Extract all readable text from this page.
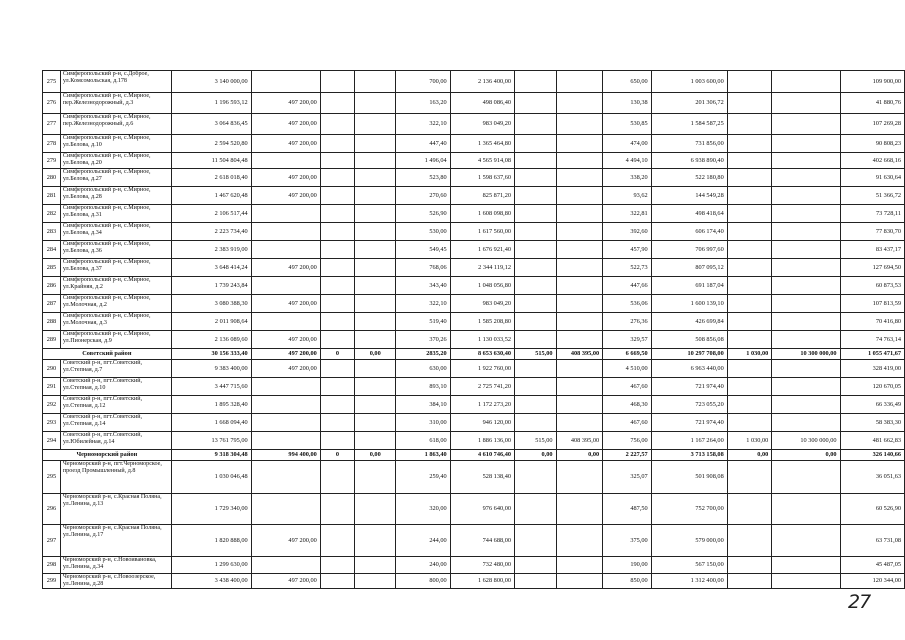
275	Симферопольский р-н, с.Доброе, ул.Комсомольская, д.178	3 140 000,00				700,00	2 136 400,00			650,00	1 003 600,00			109 900,00
276	Симферопольский р-н, с.Мирное, пер.Железнодорожный, д.3	1 196 593,12	497 200,00			163,20	498 086,40			130,38	201 306,72			41 880,76
277	Симферопольский р-н, с.Мирное, пер.Железнодорожный, д.6	3 064 836,45	497 200,00			322,10	983 049,20			530,85	1 584 587,25			107 269,28
278	Симферопольский р-н, с.Мирное, ул.Белова, д.10	2 594 520,80	497 200,00			447,40	1 365 464,80			474,00	731 856,00			90 808,23
279	Симферопольский р-н, с.Мирное, ул.Белова, д.20	11 504 804,48				1 496,04	4 565 914,08			4 494,10	6 938 890,40			402 668,16
280	Симферопольский р-н, с.Мирное, ул.Белова, д.27	2 618 018,40	497 200,00			523,80	1 598 637,60			338,20	522 180,80			91 630,64
281	Симферопольский р-н, с.Мирное, ул.Белова, д.28	1 467 620,48	497 200,00			270,60	825 871,20			93,62	144 549,28			51 366,72
282	Симферопольский р-н, с.Мирное, ул.Белова, д.31	2 106 517,44				526,90	1 608 098,80			322,81	498 418,64			73 728,11
283	Симферопольский р-н, с.Мирное, ул.Белова, д.34	2 223 734,40				530,00	1 617 560,00			392,60	606 174,40			77 830,70
284	Симферопольский р-н, с.Мирное, ул.Белова, д.36	2 383 919,00				549,45	1 676 921,40			457,90	706 997,60			83 437,17
285	Симферопольский р-н, с.Мирное, ул.Белова, д.37	3 648 414,24	497 200,00			768,06	2 344 119,12			522,73	807 095,12			127 694,50
286	Симферопольский р-н, с.Мирное, ул.Крайняя, д.2	1 739 243,84				343,40	1 048 056,80			447,66	691 187,04			60 873,53
287	Симферопольский р-н, с.Мирное, ул.Молочная, д.2	3 080 388,30	497 200,00			322,10	983 049,20			536,06	1 600 139,10			107 813,59
288	Симферопольский р-н, с.Мирное, ул.Молочная, д.3	2 011 908,64				519,40	1 585 208,80			276,36	426 699,84			70 416,80
289	Симферопольский р-н, с.Мирное, ул.Пионерская, д.9	2 136 089,60	497 200,00			370,26	1 130 033,52			329,57	508 856,08			74 763,14
Советский район		30 156 333,40	497 200,00	0	0,00	2835,20	8 653 630,40	515,00	408 395,00	6 669,50	10 297 708,00	1 030,00	10 300 000,00	1 055 471,67
290	Советский р-н, пгт.Советский, ул.Степная, д.7	9 383 400,00	497 200,00			630,00	1 922 760,00			4 510,00	6 963 440,00			328 419,00
291	Советский р-н, пгт.Советский, ул.Степная, д.10	3 447 715,60				893,10	2 725 741,20			467,60	721 974,40			120 670,05
292	Советский р-н, пгт.Советский, ул.Степная, д.12	1 895 328,40				384,10	1 172 273,20			468,30	723 055,20			66 336,49
293	Советский р-н, пгт.Советский, ул.Степная, д.14	1 668 094,40				310,00	946 120,00			467,60	721 974,40			58 383,30
294	Советский р-н, пгт.Советский, ул.Юбилейная, д.14	13 761 795,00				618,00	1 886 136,00	515,00	408 395,00	756,00	1 167 264,00	1 030,00	10 300 000,00	481 662,83
Черноморский район		9 318 304,48	994 400,00	0	0,00	1 863,40	4 610 746,40	0,00	0,00	2 227,57	3 713 158,08	0,00	0,00	326 140,66
295	Черноморский р-н, пгт.Черноморское, проезд Промышленный, д.8	1 030 046,48				259,40	528 138,40			325,07	501 908,08			36 051,63
296	Черноморский р-н, с.Красная Поляна, ул.Ленина, д.13	1 729 340,00				320,00	976 640,00			487,50	752 700,00			60 526,90
297	Черноморский р-н, с.Красная Поляна, ул.Ленина, д.17	1 820 888,00	497 200,00			244,00	744 688,00			375,00	579 000,00			63 731,08
298	Черноморский р-н, с.Новоивановка, ул.Ленина, д.34	1 299 630,00				240,00	732 480,00			190,00	567 150,00			45 487,05
299	Черноморский р-н, с.Новоозерское, ул.Ленина, д.28	3 438 400,00	497 200,00			800,00	1 628 800,00			850,00	1 312 400,00			120 344,00
27
